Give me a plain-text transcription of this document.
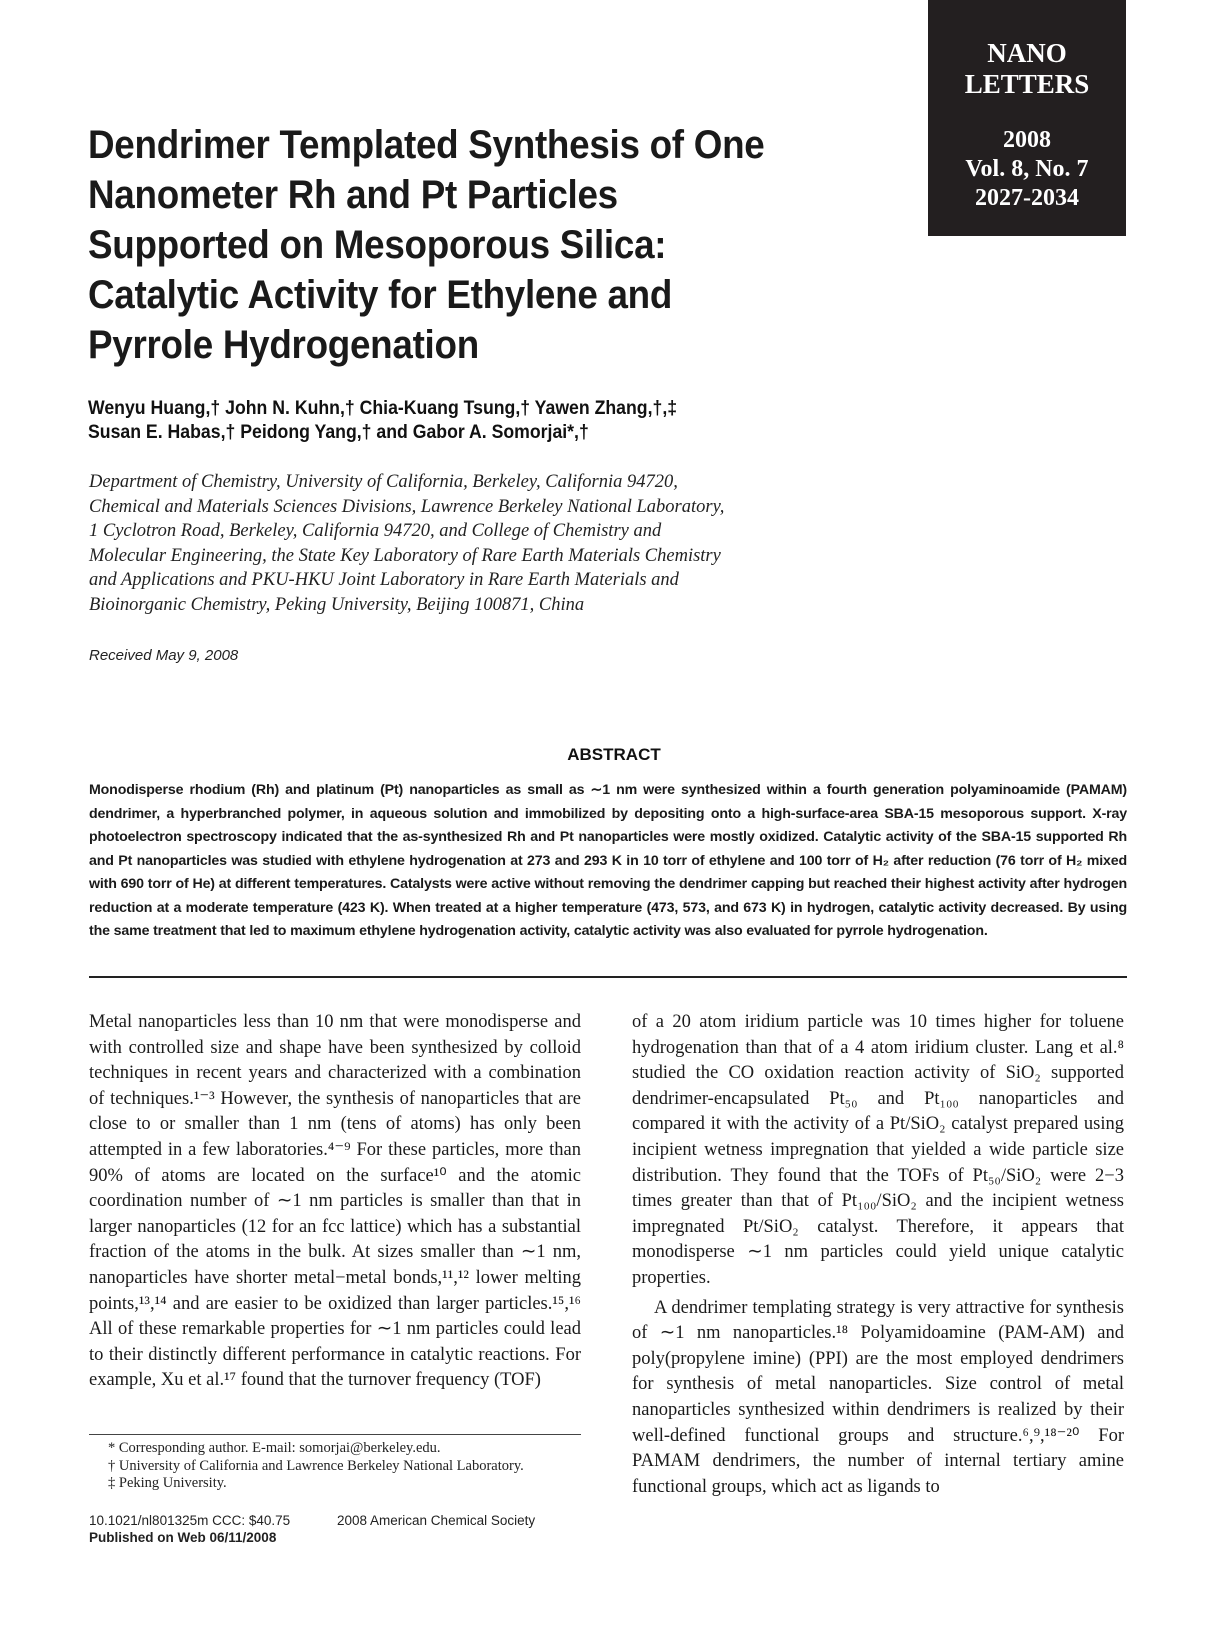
NANO
LETTERS
2008
Vol. 8, No. 7
2027-2034
Dendrimer Templated Synthesis of One
Nanometer Rh and Pt Particles
Supported on Mesoporous Silica:
Catalytic Activity for Ethylene and
Pyrrole Hydrogenation
Wenyu Huang,† John N. Kuhn,† Chia-Kuang Tsung,† Yawen Zhang,†,‡
Susan E. Habas,† Peidong Yang,† and Gabor A. Somorjai*,†
Department of Chemistry, University of California, Berkeley, California 94720,
Chemical and Materials Sciences Divisions, Lawrence Berkeley National Laboratory,
1 Cyclotron Road, Berkeley, California 94720, and College of Chemistry and
Molecular Engineering, the State Key Laboratory of Rare Earth Materials Chemistry
and Applications and PKU-HKU Joint Laboratory in Rare Earth Materials and
Bioinorganic Chemistry, Peking University, Beijing 100871, China
Received May 9, 2008
ABSTRACT
Monodisperse rhodium (Rh) and platinum (Pt) nanoparticles as small as ∼1 nm were synthesized within a fourth generation polyaminoamide (PAMAM) dendrimer, a hyperbranched polymer, in aqueous solution and immobilized by depositing onto a high-surface-area SBA-15 mesoporous support. X-ray photoelectron spectroscopy indicated that the as-synthesized Rh and Pt nanoparticles were mostly oxidized. Catalytic activity of the SBA-15 supported Rh and Pt nanoparticles was studied with ethylene hydrogenation at 273 and 293 K in 10 torr of ethylene and 100 torr of H₂ after reduction (76 torr of H₂ mixed with 690 torr of He) at different temperatures. Catalysts were active without removing the dendrimer capping but reached their highest activity after hydrogen reduction at a moderate temperature (423 K). When treated at a higher temperature (473, 573, and 673 K) in hydrogen, catalytic activity decreased. By using the same treatment that led to maximum ethylene hydrogenation activity, catalytic activity was also evaluated for pyrrole hydrogenation.

Metal nanoparticles less than 10 nm that were monodisperse and with controlled size and shape have been synthesized by colloid techniques in recent years and characterized with a combination of techniques.¹⁻³ However, the synthesis of nanoparticles that are close to or smaller than 1 nm (tens of atoms) has only been attempted in a few laboratories.⁴⁻⁹ For these particles, more than 90% of atoms are located on the surface¹⁰ and the atomic coordination number of ∼1 nm particles is smaller than that in larger nanoparticles (12 for an fcc lattice) which has a substantial fraction of the atoms in the bulk. At sizes smaller than ∼1 nm, nanoparticles have shorter metal−metal bonds,¹¹,¹² lower melting points,¹³,¹⁴ and are easier to be oxidized than larger particles.¹⁵,¹⁶ All of these remarkable properties for ∼1 nm particles could lead to their distinctly different performance in catalytic reactions. For example, Xu et al.¹⁷ found that the turnover frequency (TOF)

of a 20 atom iridium particle was 10 times higher for toluene hydrogenation than that of a 4 atom iridium cluster. Lang et al.⁸ studied the CO oxidation reaction activity of SiO₂ supported dendrimer-encapsulated Pt₅₀ and Pt₁₀₀ nanoparticles and compared it with the activity of a Pt/SiO₂ catalyst prepared using incipient wetness impregnation that yielded a wide particle size distribution. They found that the TOFs of Pt₅₀/SiO₂ were 2−3 times greater than that of Pt₁₀₀/SiO₂ and the incipient wetness impregnated Pt/SiO₂ catalyst. Therefore, it appears that monodisperse ∼1 nm particles could yield unique catalytic properties.

A dendrimer templating strategy is very attractive for synthesis of ∼1 nm nanoparticles.¹⁸ Polyamidoamine (PAM-AM) and poly(propylene imine) (PPI) are the most employed dendrimers for synthesis of metal nanoparticles. Size control of metal nanoparticles synthesized within dendrimers is realized by their well-defined functional groups and structure.⁶,⁹,¹⁸⁻²⁰ For PAMAM dendrimers, the number of internal tertiary amine functional groups, which act as ligands to

* Corresponding author. E-mail: somorjai@berkeley.edu.
† University of California and Lawrence Berkeley National Laboratory.
‡ Peking University.
10.1021/nl801325m CCC: $40.75	2008 American Chemical Society
Published on Web 06/11/2008
